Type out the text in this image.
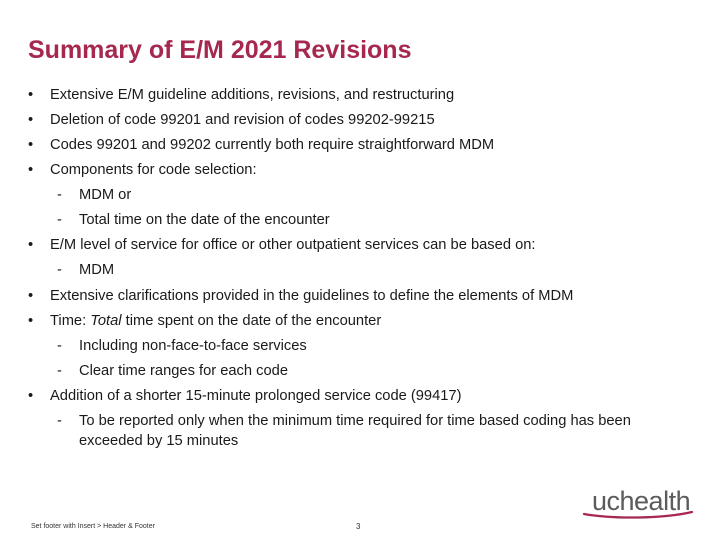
Summary of E/M 2021 Revisions
• Extensive E/M guideline additions, revisions, and restructuring
• Deletion of code 99201 and revision of codes 99202-99215
• Codes 99201 and 99202 currently both require straightforward MDM
• Components for code selection:
- MDM or
- Total time on the date of the encounter
• E/M level of service for office or other outpatient services can be based on:
- MDM
• Extensive clarifications provided in the guidelines to define the elements of MDM
• Time: Total time spent on the date of the encounter
- Including non-face-to-face services
- Clear time ranges for each code
• Addition of a shorter 15-minute prolonged service code (99417)
- To be reported only when the minimum time required for time based coding has been exceeded by 15 minutes
Set footer with Insert > Header & Footer	3
uchealth
